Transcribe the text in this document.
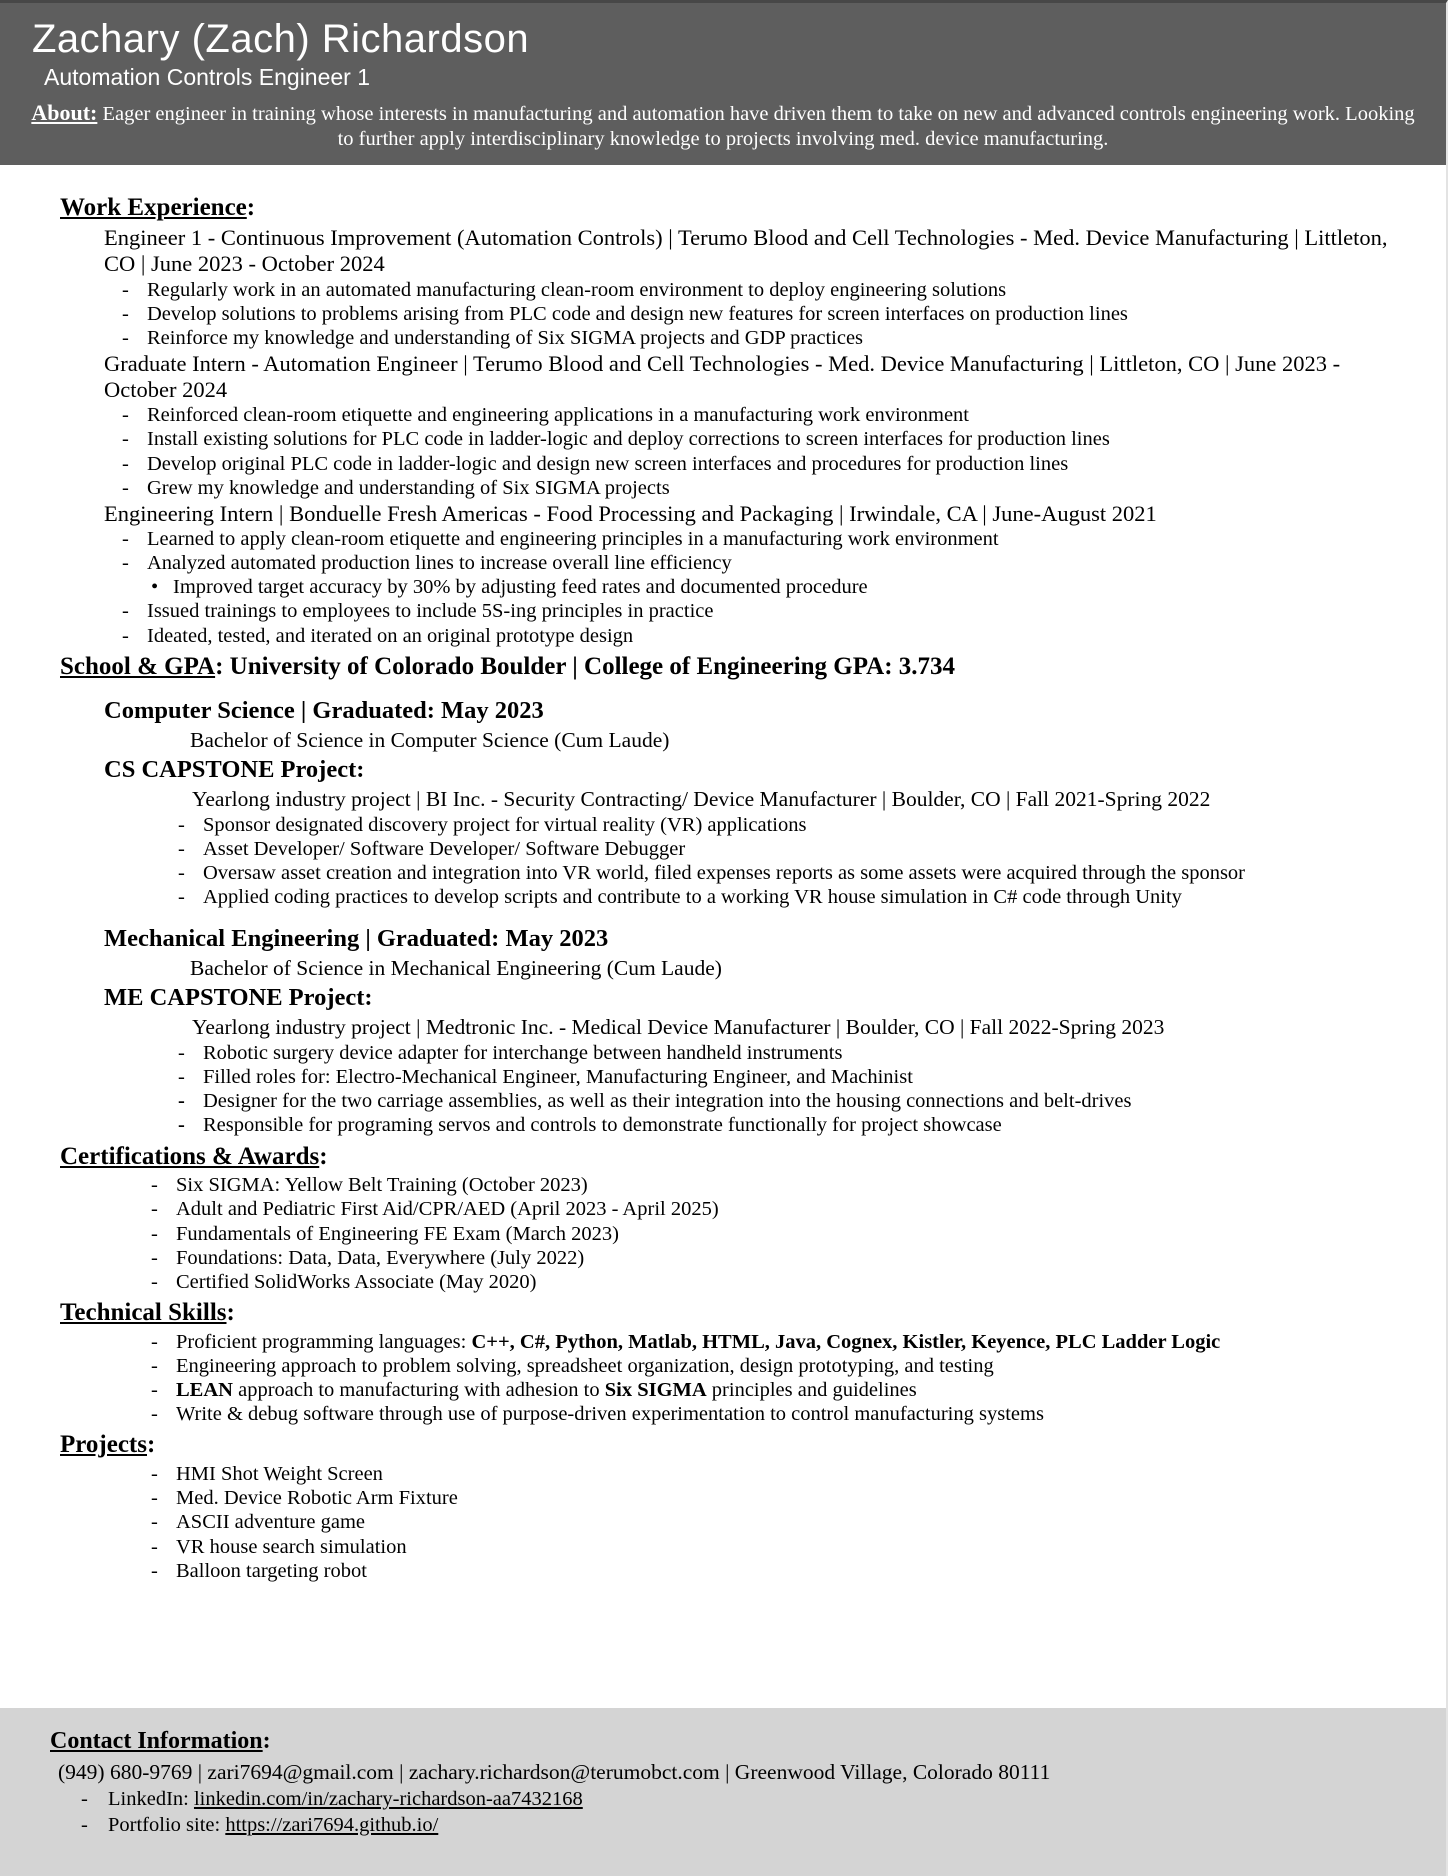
Zachary (Zach) Richardson
Automation Controls Engineer 1

About: Eager engineer in training whose interests in manufacturing and automation have driven them to take on new and advanced controls engineering work. Looking to further apply interdisciplinary knowledge to projects involving med. device manufacturing.

Work Experience:

Engineer 1 - Continuous Improvement (Automation Controls) | Terumo Blood and Cell Technologies - Med. Device Manufacturing | Littleton, CO | June 2023 - October 2024

- Regularly work in an automated manufacturing clean-room environment to deploy engineering solutions
- Develop solutions to problems arising from PLC code and design new features for screen interfaces on production lines
- Reinforce my knowledge and understanding of Six SIGMA projects and GDP practices

Graduate Intern - Automation Engineer | Terumo Blood and Cell Technologies - Med. Device Manufacturing | Littleton, CO | June 2023 - October 2024

- Reinforced clean-room etiquette and engineering applications in a manufacturing work environment
- Install existing solutions for PLC code in ladder-logic and deploy corrections to screen interfaces for production lines
- Develop original PLC code in ladder-logic and design new screen interfaces and procedures for production lines
- Grew my knowledge and understanding of Six SIGMA projects

Engineering Intern | Bonduelle Fresh Americas - Food Processing and Packaging | Irwindale, CA | June-August 2021

- Learned to apply clean-room etiquette and engineering principles in a manufacturing work environment
- Analyzed automated production lines to increase overall line efficiency
• Improved target accuracy by 30% by adjusting feed rates and documented procedure
- Issued trainings to employees to include 5S-ing principles in practice
- Ideated, tested, and iterated on an original prototype design
School & GPA: University of Colorado Boulder | College of Engineering GPA: 3.734

Computer Science | Graduated: May 2023

Bachelor of Science in Computer Science (Cum Laude)

CS CAPSTONE Project:

Yearlong industry project | BI Inc. - Security Contracting/ Device Manufacturer | Boulder, CO | Fall 2021-Spring 2022

- Sponsor designated discovery project for virtual reality (VR) applications
- Asset Developer/ Software Developer/ Software Debugger
- Oversaw asset creation and integration into VR world, filed expenses reports as some assets were acquired through the sponsor
- Applied coding practices to develop scripts and contribute to a working VR house simulation in C# code through Unity

Mechanical Engineering | Graduated: May 2023

Bachelor of Science in Mechanical Engineering (Cum Laude)

ME CAPSTONE Project:

Yearlong industry project | Medtronic Inc. - Medical Device Manufacturer | Boulder, CO | Fall 2022-Spring 2023

- Robotic surgery device adapter for interchange between handheld instruments
- Filled roles for: Electro-Mechanical Engineer, Manufacturing Engineer, and Machinist
- Designer for the two carriage assemblies, as well as their integration into the housing connections and belt-drives
- Responsible for programing servos and controls to demonstrate functionally for project showcase
Certifications & Awards:
- Six SIGMA: Yellow Belt Training (October 2023)
- Adult and Pediatric First Aid/CPR/AED (April 2023 - April 2025)
- Fundamentals of Engineering FE Exam (March 2023)
- Foundations: Data, Data, Everywhere (July 2022)
- Certified SolidWorks Associate (May 2020)
Technical Skills:
- Proficient programming languages: C++, C#, Python, Matlab, HTML, Java, Cognex, Kistler, Keyence, PLC Ladder Logic
- Engineering approach to problem solving, spreadsheet organization, design prototyping, and testing
- LEAN approach to manufacturing with adhesion to Six SIGMA principles and guidelines
- Write & debug software through use of purpose-driven experimentation to control manufacturing systems
Projects:
- HMI Shot Weight Screen
- Med. Device Robotic Arm Fixture
- ASCII adventure game
- VR house search simulation
- Balloon targeting robot
Contact Information:

(949) 680-9769 | zari7694@gmail.com | zachary.richardson@terumobct.com | Greenwood Village, Colorado 80111

- LinkedIn: linkedin.com/in/zachary-richardson-aa7432168
- Portfolio site: https://zari7694.github.io/
